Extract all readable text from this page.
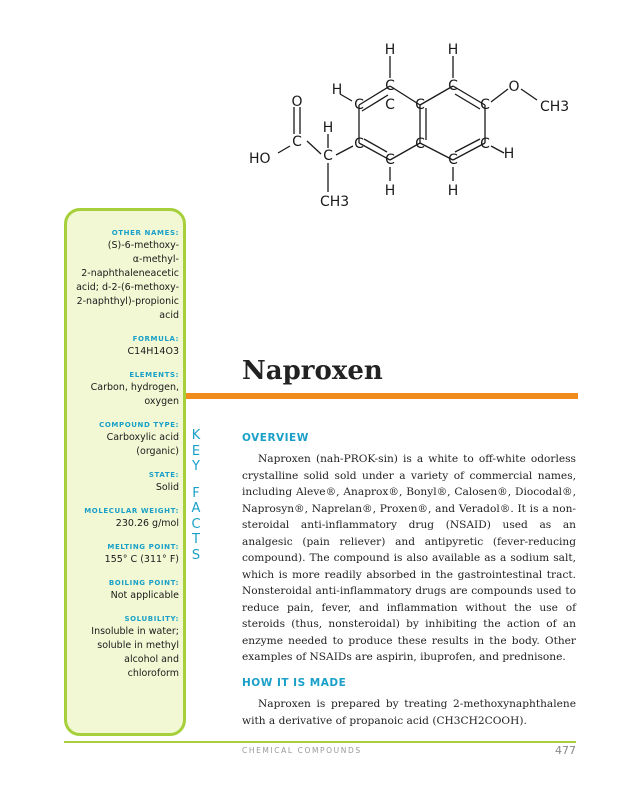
C
C	C
C
C
C
C
C
C
C
C
C
C
H	H
H
H
H	H
H
O
O
HO
CH3
CH3
OTHER NAMES:
(S)-6-methoxy-
α-methyl-
2-naphthaleneacetic
acid; d-2-(6-methoxy-
2-naphthyl)-propionic
acid
FORMULA:
C14H14O3
ELEMENTS:
Carbon, hydrogen,
oxygen
COMPOUND TYPE:
Carboxylic acid
(organic)
STATE:
Solid
MOLECULAR WEIGHT:
230.26 g/mol
MELTING POINT:
155° C (311° F)
BOILING POINT:
Not applicable
SOLUBILITY:
Insoluble in water;
soluble in methyl
alcohol and
chloroform
K
E
Y
F
A
C
T
S
Naproxen
OVERVIEW

Naproxen (nah-PROK-sin) is a white to off-white odorless crystalline solid sold under a variety of commercial names, including Aleve®, Anaprox®, Bonyl®, Calosen®, Diocodal®, Naprosyn®, Naprelan®, Proxen®, and Veradol®. It is a non-steroidal anti-inflammatory drug (NSAID) used as an analgesic (pain reliever) and antipyretic (fever-reducing compound). The compound is also available as a sodium salt, which is more readily absorbed in the gastrointestinal tract. Nonsteroidal anti-inflammatory drugs are compounds used to reduce pain, fever, and inflammation without the use of steroids (thus, nonsteroidal) by inhibiting the action of an enzyme needed to produce these results in the body. Other examples of NSAIDs are aspirin, ibuprofen, and prednisone.

HOW IT IS MADE

Naproxen is prepared by treating 2-methoxynaphthalene with a derivative of propanoic acid (CH3CH2COOH).

CHEMICAL COMPOUNDS	477
